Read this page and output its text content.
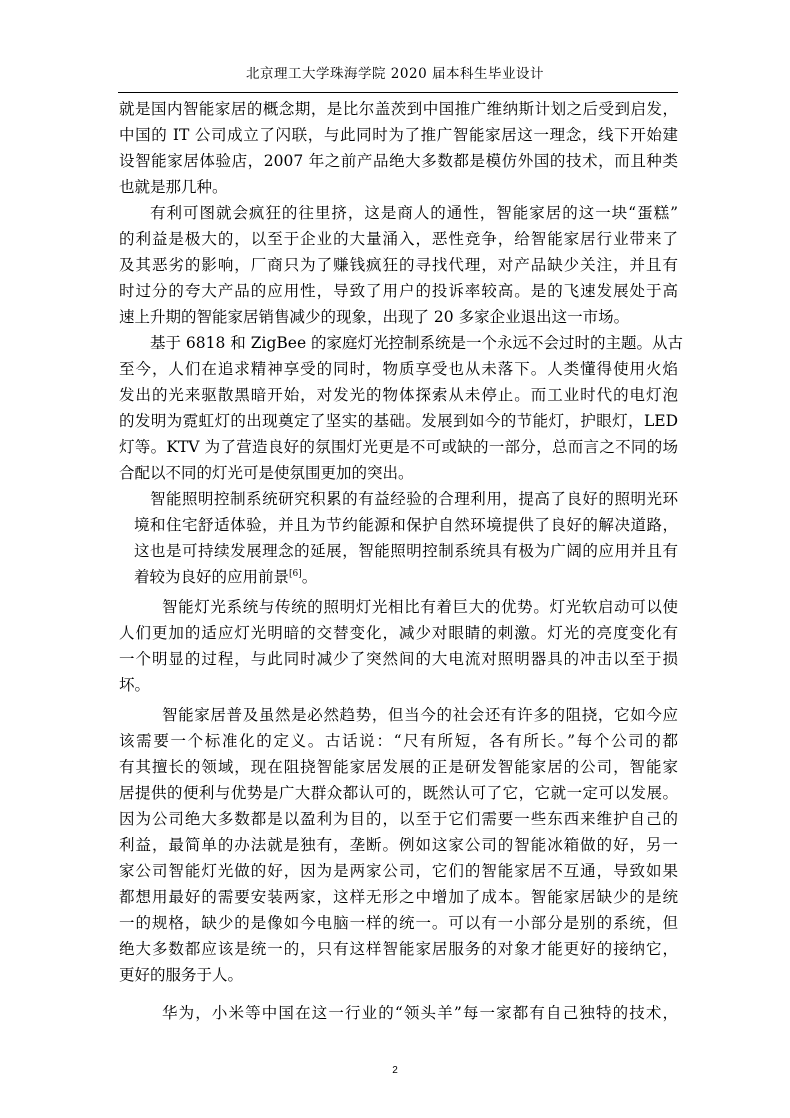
北京理工大学珠海学院 2020 届本科生毕业设计
就是国内智能家居的概念期，是比尔盖茨到中国推广维纳斯计划之后受到启发，
中国的 IT 公司成立了闪联，与此同时为了推广智能家居这一理念，线下开始建
设智能家居体验店，2007 年之前产品绝大多数都是模仿外国的技术，而且种类
也就是那几种。
有利可图就会疯狂的往里挤，这是商人的通性，智能家居的这一块“蛋糕”
的利益是极大的，以至于企业的大量涌入，恶性竞争，给智能家居行业带来了
及其恶劣的影响，厂商只为了赚钱疯狂的寻找代理，对产品缺少关注，并且有
时过分的夸大产品的应用性，导致了用户的投诉率较高。是的飞速发展处于高
速上升期的智能家居销售减少的现象，出现了 20 多家企业退出这一市场。
基于 6818 和 ZigBee 的家庭灯光控制系统是一个永远不会过时的主题。从古
至今，人们在追求精神享受的同时，物质享受也从未落下。人类懂得使用火焰
发出的光来驱散黑暗开始，对发光的物体探索从未停止。而工业时代的电灯泡
的发明为霓虹灯的出现奠定了坚实的基础。发展到如今的节能灯，护眼灯，LED
灯等。KTV 为了营造良好的氛围灯光更是不可或缺的一部分，总而言之不同的场
合配以不同的灯光可是使氛围更加的突出。
智能照明控制系统研究积累的有益经验的合理利用，提高了良好的照明光环
境和住宅舒适体验，并且为节约能源和保护自然环境提供了良好的解决道路，
这也是可持续发展理念的延展，智能照明控制系统具有极为广阔的应用并且有
着较为良好的应用前景[6]。
智能灯光系统与传统的照明灯光相比有着巨大的优势。灯光软启动可以使
人们更加的适应灯光明暗的交替变化，减少对眼睛的刺激。灯光的亮度变化有
一个明显的过程，与此同时减少了突然间的大电流对照明器具的冲击以至于损
坏。
智能家居普及虽然是必然趋势，但当今的社会还有许多的阻挠，它如今应
该需要一个标准化的定义。古话说：“尺有所短，各有所长。”每个公司的都
有其擅长的领域，现在阻挠智能家居发展的正是研发智能家居的公司，智能家
居提供的便利与优势是广大群众都认可的，既然认可了它，它就一定可以发展。
因为公司绝大多数都是以盈利为目的，以至于它们需要一些东西来维护自己的
利益，最简单的办法就是独有，垄断。例如这家公司的智能冰箱做的好，另一
家公司智能灯光做的好，因为是两家公司，它们的智能家居不互通，导致如果
都想用最好的需要安装两家，这样无形之中增加了成本。智能家居缺少的是统
一的规格，缺少的是像如今电脑一样的统一。可以有一小部分是别的系统，但
绝大多数都应该是统一的，只有这样智能家居服务的对象才能更好的接纳它，
更好的服务于人。
华为，小米等中国在这一行业的“领头羊”每一家都有自己独特的技术，
2
